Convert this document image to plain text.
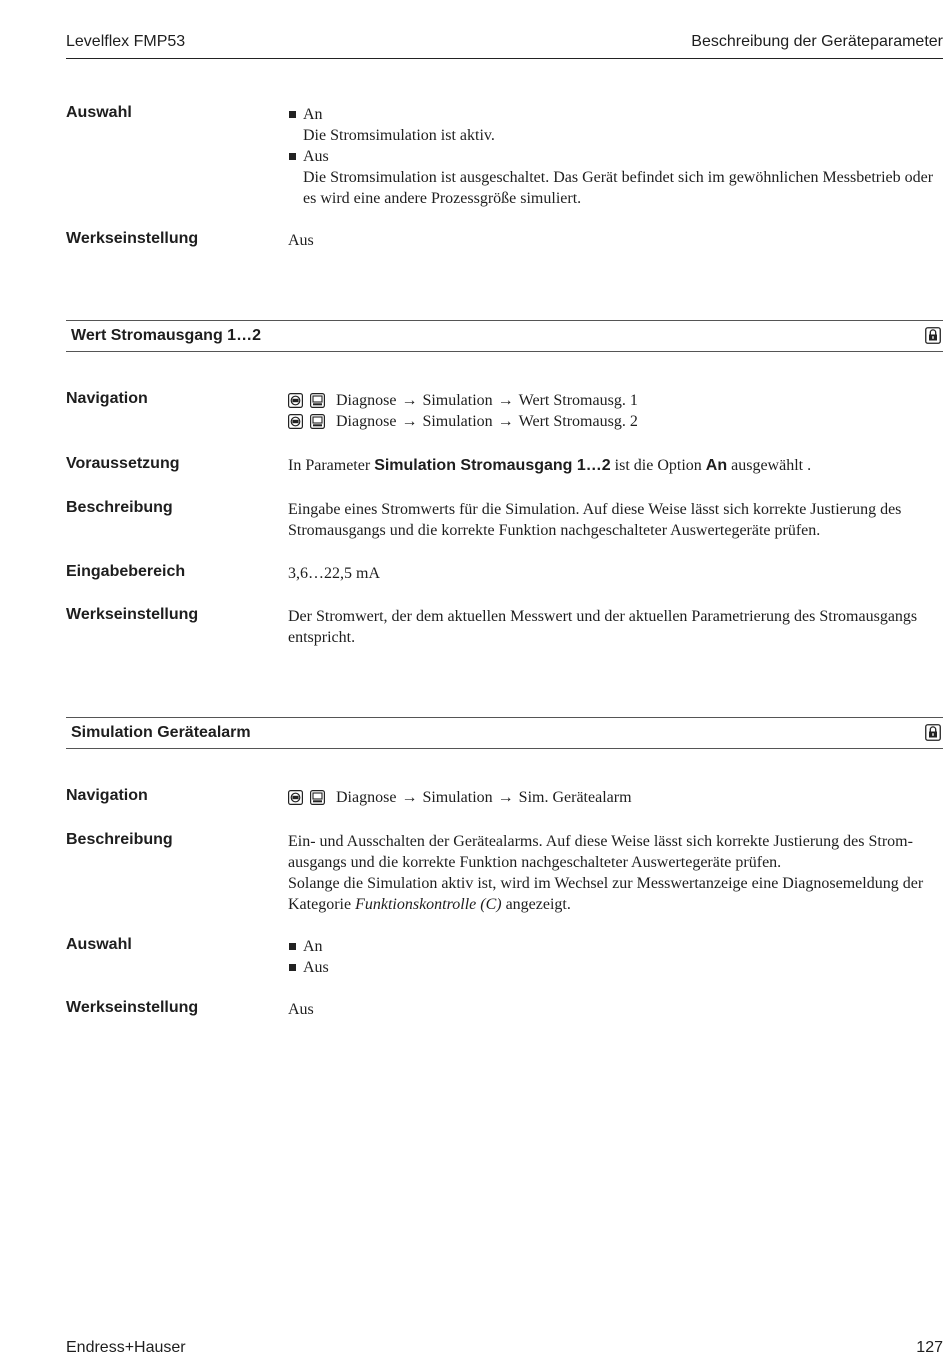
Levelflex FMP53	Beschreibung der Geräteparameter
Auswahl	An
Die Stromsimulation ist aktiv.
Aus
Die Stromsimulation ist ausgeschaltet. Das Gerät befindet sich im gewöhnlichen Messbetrieb oder es wird eine andere Prozessgröße simuliert.
Werkseinstellung	Aus
Wert Stromausgang 1…2
Navigation	Diagnose → Simulation → Wert Stromausg. 1
Diagnose → Simulation → Wert Stromausg. 2
Voraussetzung	In Parameter Simulation Stromausgang 1…2 ist die Option An ausgewählt .
Beschreibung	Eingabe eines Stromwerts für die Simulation. Auf diese Weise lässt sich korrekte Justierung des Stromausgangs und die korrekte Funktion nachgeschalteter Auswertegeräte prüfen.
Eingabebereich	3,6…22,5 mA
Werkseinstellung	Der Stromwert, der dem aktuellen Messwert und der aktuellen Parametrierung des Stromausgangs entspricht.
Simulation Gerätealarm
Navigation	Diagnose → Simulation → Sim. Gerätealarm
Beschreibung	Ein- und Ausschalten der Gerätealarms. Auf diese Weise lässt sich korrekte Justierung des Strom-ausgangs und die korrekte Funktion nachgeschalteter Auswertegeräte prüfen.
Solange die Simulation aktiv ist, wird im Wechsel zur Messwertanzeige eine Diagnosemeldung der Kategorie Funktionskontrolle (C) angezeigt.
Auswahl	An
Aus
Werkseinstellung	Aus
Endress+Hauser	127
